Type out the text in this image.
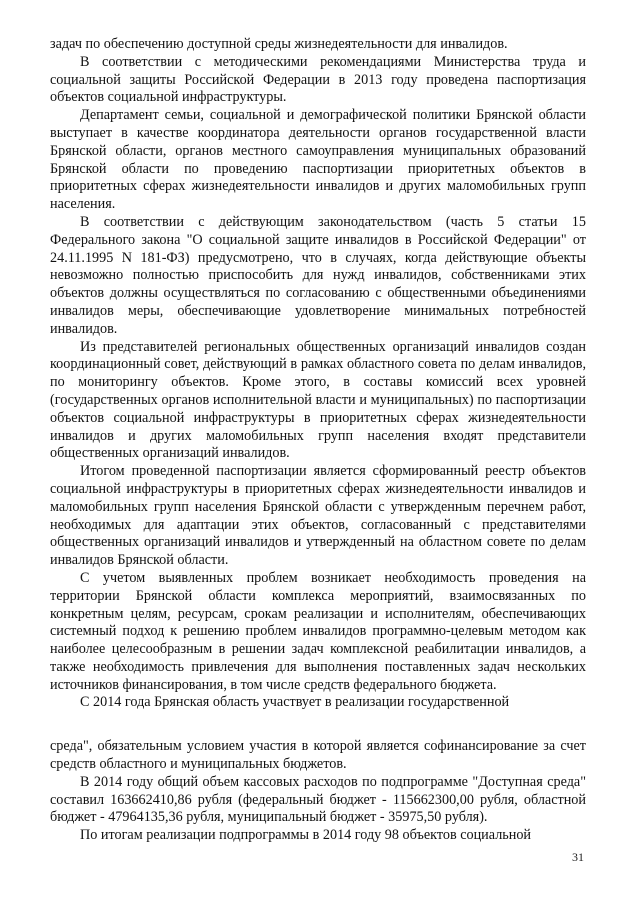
задач по обеспечению доступной среды жизнедеятельности для инвалидов.

В соответствии с методическими рекомендациями Министерства труда и социальной защиты Российской Федерации в 2013 году проведена паспортизация объектов социальной инфраструктуры.

Департамент семьи, социальной и демографической политики Брянской области выступает в качестве координатора деятельности органов государственной власти Брянской области, органов местного самоуправления муниципальных образований Брянской области по проведению паспортизации приоритетных объектов в приоритетных сферах жизнедеятельности инвалидов и других маломобильных групп населения.

В соответствии с действующим законодательством (часть 5 статьи 15 Федерального закона "О социальной защите инвалидов в Российской Федерации" от 24.11.1995 N 181-ФЗ) предусмотрено, что в случаях, когда действующие объекты невозможно полностью приспособить для нужд инвалидов, собственниками этих объектов должны осуществляться по согласованию с общественными объединениями инвалидов меры, обеспечивающие удовлетворение минимальных потребностей инвалидов.

Из представителей региональных общественных организаций инвалидов создан координационный совет, действующий в рамках областного совета по делам инвалидов, по мониторингу объектов. Кроме этого, в составы комиссий всех уровней (государственных органов исполнительной власти и муниципальных) по паспортизации объектов социальной инфраструктуры в приоритетных сферах жизнедеятельности инвалидов и других маломобильных групп населения входят представители общественных организаций инвалидов.

Итогом проведенной паспортизации является сформированный реестр объектов социальной инфраструктуры в приоритетных сферах жизнедеятельности инвалидов и маломобильных групп населения Брянской области с утвержденным перечнем работ, необходимых для адаптации этих объектов, согласованный с представителями общественных организаций инвалидов и утвержденный на областном совете по делам инвалидов Брянской области.

С учетом выявленных проблем возникает необходимость проведения на территории Брянской области комплекса мероприятий, взаимосвязанных по конкретным целям, ресурсам, срокам реализации и исполнителям, обеспечивающих системный подход к решению проблем инвалидов программно-целевым методом как наиболее целесообразным в решении задач комплексной реабилитации инвалидов, а также необходимость привлечения для выполнения поставленных задач нескольких источников финансирования, в том числе средств федерального бюджета.

С 2014 года Брянская область участвует в реализации государственной

среда", обязательным условием участия в которой является софинансирование за счет средств областного и муниципальных бюджетов.

В 2014 году общий объем кассовых расходов по подпрограмме "Доступная среда" составил 163662410,86 рубля (федеральный бюджет - 115662300,00 рубля, областной бюджет - 47964135,36 рубля, муниципальный бюджет - 35975,50 рубля).

По итогам реализации подпрограммы в 2014 году 98 объектов социальной

31
